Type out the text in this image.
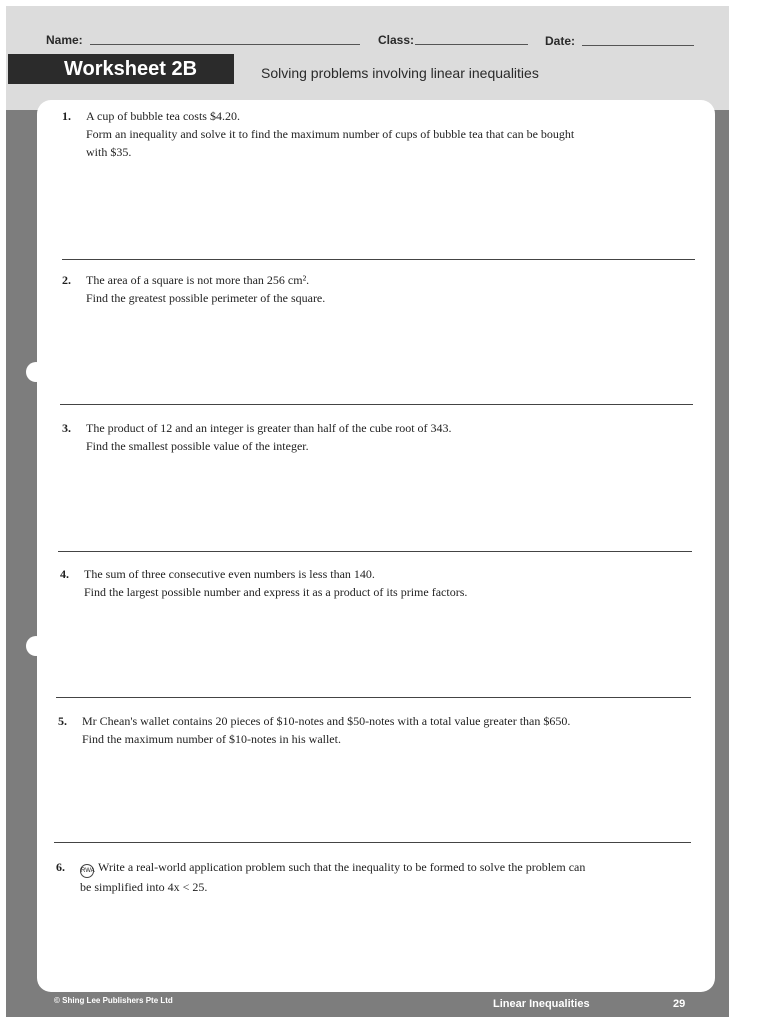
Name:	Class:	Date:
Worksheet 2B	Solving problems involving linear inequalities
1. A cup of bubble tea costs $4.20.
Form an inequality and solve it to find the maximum number of cups of bubble tea that can be bought
with $35.
2. The area of a square is not more than 256 cm².
Find the greatest possible perimeter of the square.
3. The product of 12 and an integer is greater than half of the cube root of 343.
Find the smallest possible value of the integer.
4. The sum of three consecutive even numbers is less than 140.
Find the largest possible number and express it as a product of its prime factors.
5. Mr Chean's wallet contains 20 pieces of $10-notes and $50-notes with a total value greater than $650.
Find the maximum number of $10-notes in his wallet.
6.	RWA Write a real-world application problem such that the inequality to be formed to solve the problem can
be simplified into 4x < 25.
© Shing Lee Publishers Pte Ltd	Linear Inequalities	29
